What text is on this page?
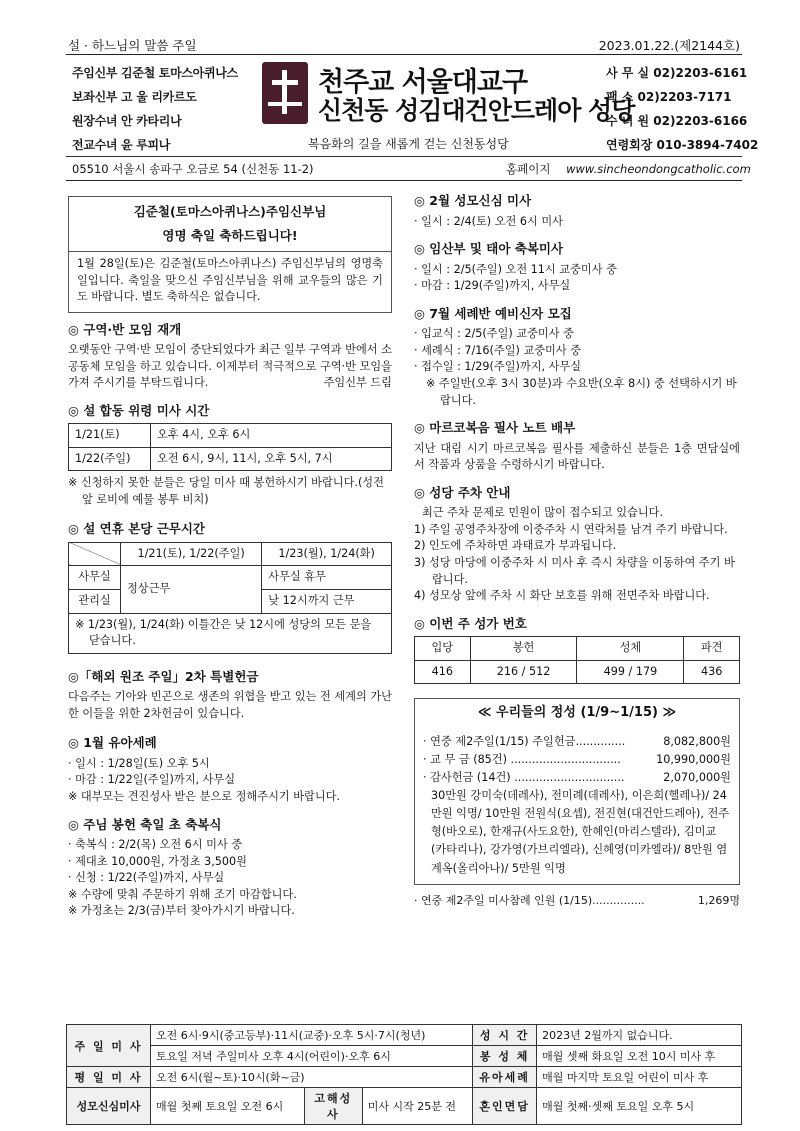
설 · 하느님의 말씀 주일	2023.01.22.(제2144호)
주임신부 김준철 토마스아퀴나스
보좌신부 고 울 리카르도
원장수녀 안 카타리나
전교수녀 윤 루피나
천주교 서울대교구
신천동 성김대건안드레아 성당
복음화의 길을 새롭게 걷는 신천동성당
사 무 실 02)2203-6161
팩 스 02)2203-7171
수 녀 원 02)2203-6166
연령회장 010-3894-7402
05510 서울시 송파구 오금로 54 (신천동 11-2)	홈페이지 www.sincheondongcatholic.com
김준철(토마스아퀴나스)주임신부님
영명 축일 축하드립니다!
1월 28일(토)은 김준철(토마스아퀴나스) 주임신부님의 영명축일입니다. 축일을 맞으신 주임신부님을 위해 교우들의 많은 기도 바랍니다. 별도 축하식은 없습니다.
◎ 구역·반 모임 재개
오랫동안 구역·반 모임이 중단되었다가 최근 일부 구역과 반에서 소공동체 모임을 하고 있습니다. 이제부터 적극적으로 구역·반 모임을 가져 주시기를 부탁드립니다.	주임신부 드림
◎ 설 합동 위령 미사 시간
1/21(토)	오후 4시, 오후 6시
1/22(주일)	오전 6시, 9시, 11시, 오후 5시, 7시
※ 신청하지 못한 분들은 당일 미사 때 봉헌하시기 바랍니다.(성전 앞 로비에 예물 봉투 비치)
◎ 설 연휴 본당 근무시간
	1/21(토), 1/22(주일)	1/23(월), 1/24(화)
사무실	정상근무	사무실 휴무
관리실		낮 12시까지 근무
※ 1/23(월), 1/24(화) 이틀간은 낮 12시에 성당의 모든 문을 닫습니다.		
◎「해외 원조 주일」2차 특별헌금
다음주는 기아와 빈곤으로 생존의 위협을 받고 있는 전 세계의 가난한 이들을 위한 2차헌금이 있습니다.
◎ 1월 유아세례
· 일시 : 1/28일(토) 오후 5시
· 마감 : 1/22일(주일)까지, 사무실
※ 대부모는 견진성사 받은 분으로 정해주시기 바랍니다.
◎ 주님 봉헌 축일 초 축복식
· 축복식 : 2/2(목) 오전 6시 미사 중
· 제대초 10,000원, 가정초 3,500원
· 신청 : 1/22(주일)까지, 사무실
※ 수량에 맞춰 주문하기 위해 조기 마감합니다.
※ 가정초는 2/3(금)부터 찾아가시기 바랍니다.
◎ 2월 성모신심 미사
· 일시 : 2/4(토) 오전 6시 미사
◎ 임산부 및 태아 축복미사
· 일시 : 2/5(주일) 오전 11시 교중미사 중
· 마감 : 1/29(주일)까지, 사무실
◎ 7월 세례반 예비신자 모집
· 입교식 : 2/5(주일) 교중미사 중
· 세례식 : 7/16(주일) 교중미사 중
· 접수일 : 1/29(주일)까지, 사무실
※ 주일반(오후 3시 30분)과 수요반(오후 8시) 중 선택하시기 바랍니다.
◎ 마르코복음 필사 노트 배부
지난 대림 시기 마르코복음 필사를 제출하신 분들은 1층 면담실에서 작품과 상품을 수령하시기 바랍니다.
◎ 성당 주차 안내
최근 주차 문제로 민원이 많이 접수되고 있습니다.
1) 주일 공영주차장에 이중주차 시 연락처를 남겨 주기 바랍니다.
2) 인도에 주차하면 과태료가 부과됩니다.
3) 성당 마당에 이중주차 시 미사 후 즉시 차량을 이동하여 주기 바랍니다.
4) 성모상 앞에 주차 시 화단 보호를 위해 전면주차 바랍니다.
◎ 이번 주 성가 번호
입당	봉헌	성체	파견
416	216 / 512	499 / 179	436
≪ 우리들의 정성 (1/9~1/15) ≫
· 연중 제2주일(1/15) 주일헌금..............	8,082,800원
· 교 무 금 (85건) ...............................	10,990,000원
· 감사헌금 (14건) ...............................	2,070,000원
30만원 강미숙(데레사), 전미례(데레사), 이은희(헬레나)/ 24만원 익명/ 10만원 전원식(요셉), 전진현(대건안드레아), 전주형(바오로), 한재규(사도요한), 한혜인(마리스텔라), 김미교(카타리나), 강가영(가브리엘라), 신혜영(미카엘라)/ 8만원 염계옥(올리아나)/ 5만원 익명
· 연중 제2주일 미사참례 인원 (1/15)...............	1,269명
주 일 미 사	오전 6시·9시(중고등부)·11시(교중)·오후 5시·7시(청년)			성 시 간	2023년 2월까지 없습니다.
	토요일 저녁 주일미사 오후 4시(어린이)·오후 6시			봉 성 체	매월 셋째 화요일 오전 10시 미사 후
평 일 미 사	오전 6시(월~토)·10시(화~금)			유아세례	매월 마지막 토요일 어린이 미사 후
성모신심미사	매월 첫째 토요일 오전 6시	고해성사	미사 시작 25분 전	혼인면담	매월 첫째·셋째 토요일 오후 5시
